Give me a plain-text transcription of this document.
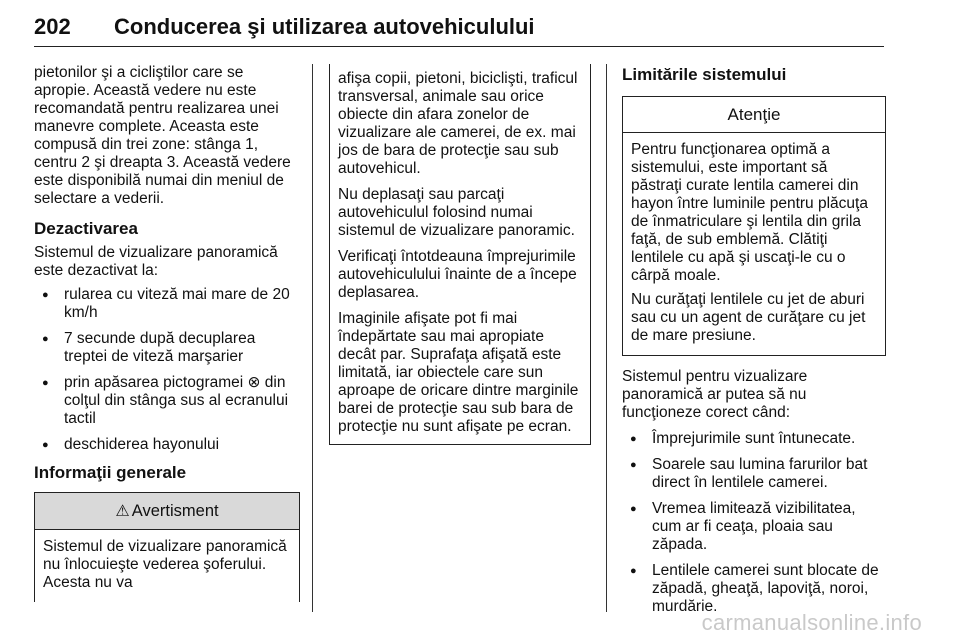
202 Conducerea şi utilizarea autovehiculului

pietonilor şi a cicliştilor care se apropie. Această vedere nu este recomandată pentru realizarea unei manevre complete. Aceasta este compusă din trei zone: stânga 1, centru 2 şi dreapta 3. Această vedere este disponibilă numai din meniul de selectare a vederii.

Dezactivarea

Sistemul de vizualizare panoramică este dezactivat la:

● rularea cu viteză mai mare de 20 km/h
● 7 secunde după decuplarea treptei de viteză marşarier
● prin apăsarea pictogramei ⊗ din colţul din stânga sus al ecranului tactil
● deschiderea hayonului
Informaţii generale
⚠ Avertisment

Sistemul de vizualizare panoramică nu înlocuieşte vederea şoferului. Acesta nu va

afişa copii, pietoni, biciclişti, traficul transversal, animale sau orice obiecte din afara zonelor de vizualizare ale camerei, de ex. mai jos de bara de protecţie sau sub autovehicul.

Nu deplasaţi sau parcaţi autovehiculul folosind numai sistemul de vizualizare panoramic.

Verificaţi întotdeauna împrejurimile autovehiculului înainte de a începe deplasarea.

Imaginile afişate pot fi mai îndepărtate sau mai apropiate decât par. Suprafaţa afişată este limitată, iar obiectele care sun aproape de oricare dintre marginile barei de protecţie sau sub bara de protecţie nu sunt afişate pe ecran.

Limitările sistemului
Atenţie

Pentru funcţionarea optimă a sistemului, este important să păstraţi curate lentila camerei din hayon între luminile pentru plăcuţa de înmatriculare şi lentila din grila faţă, de sub emblemă. Clătiţi lentilele cu apă şi uscaţi-le cu o cârpă moale.

Nu curăţaţi lentilele cu jet de aburi sau cu un agent de curăţare cu jet de mare presiune.

Sistemul pentru vizualizare panoramică ar putea să nu funcţioneze corect când:

● Împrejurimile sunt întunecate.
● Soarele sau lumina farurilor bat direct în lentilele camerei.
● Vremea limitează vizibilitatea, cum ar fi ceaţa, ploaia sau zăpada.
● Lentilele camerei sunt blocate de zăpadă, gheaţă, lapoviţă, noroi, murdărie.
carmanualsonline.info
